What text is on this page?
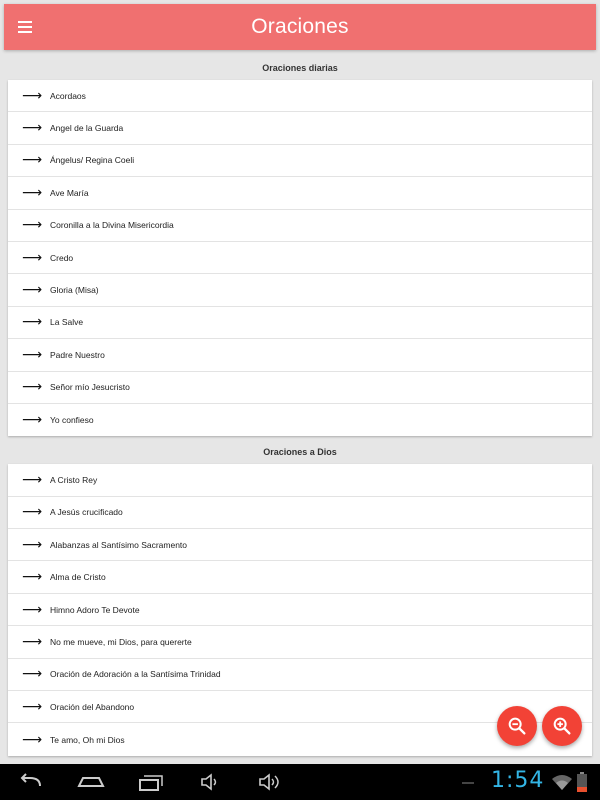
Oraciones
Oraciones diarias
⟶ Acordaos
⟶ Angel de la Guarda
⟶ Ángelus/ Regina Coeli
⟶ Ave María
⟶ Coronilla a la Divina Misericordia
⟶ Credo
⟶ Gloria (Misa)
⟶ La Salve
⟶ Padre Nuestro
⟶ Señor mío Jesucristo
⟶ Yo confieso
Oraciones a Dios
⟶ A Cristo Rey
⟶ A Jesús crucificado
⟶ Alabanzas al Santísimo Sacramento
⟶ Alma de Cristo
⟶ Himno Adoro Te Devote
⟶ No me mueve, mi Dios, para quererte
⟶ Oración de Adoración a la Santísima Trinidad
⟶ Oración del Abandono
⟶ Te amo, Oh mi Dios
1:54
